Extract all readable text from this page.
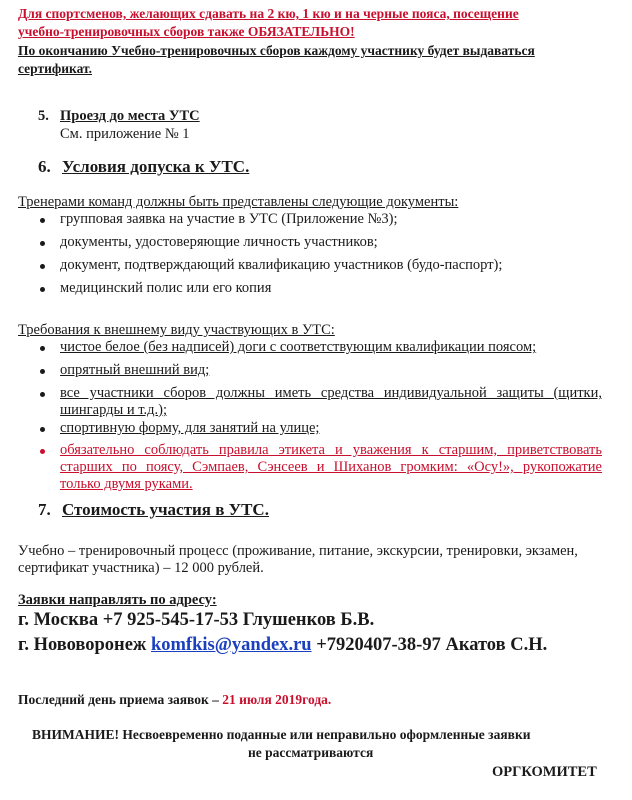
Для спортсменов, желающих сдавать на 2 кю, 1 кю и на черные пояса, посещение
учебно-тренировочных сборов также ОБЯЗАТЕЛЬНО!
По окончанию Учебно-тренировочных сборов каждому участнику будет выдаваться
сертификат.
5. Проезд до места УТС
См. приложение № 1
6. Условия допуска к УТС.
Тренерами команд должны быть представлены следующие документы:
групповая заявка на участие в УТС (Приложение №3);
документы, удостоверяющие личность участников;
документ, подтверждающий квалификацию участников (будо-паспорт);
медицинский полис или его копия
Требования к внешнему виду участвующих в УТС:
чистое белое (без надписей) доги с соответствующим квалификации поясом;
опрятный внешний вид;
все участники сборов должны иметь средства индивидуальной защиты (щитки,
шингарды и т.д.);
спортивную форму, для занятий на улице;
обязательно соблюдать правила этикета и уважения к старшим, приветствовать
старших по поясу, Сэмпаев, Сэнсеев и Шиханов громким: «Осу!», рукопожатие
только двумя руками.
7. Стоимость участия в УТС.
Учебно – тренировочный процесс (проживание, питание, экскурсии, тренировки, экзамен,
сертификат участника) – 12 000 рублей.
Заявки направлять по адресу:
г. Москва +7 925-545-17-53 Глушенков Б.В.
г. Нововоронеж komfkis@yandex.ru +7920407-38-97 Акатов С.Н.
Последний день приема заявок – 21 июля 2019года.
ВНИМАНИЕ! Несвоевременно поданные или неправильно оформленные заявки
не рассматриваются
ОРГКОМИТЕТ
